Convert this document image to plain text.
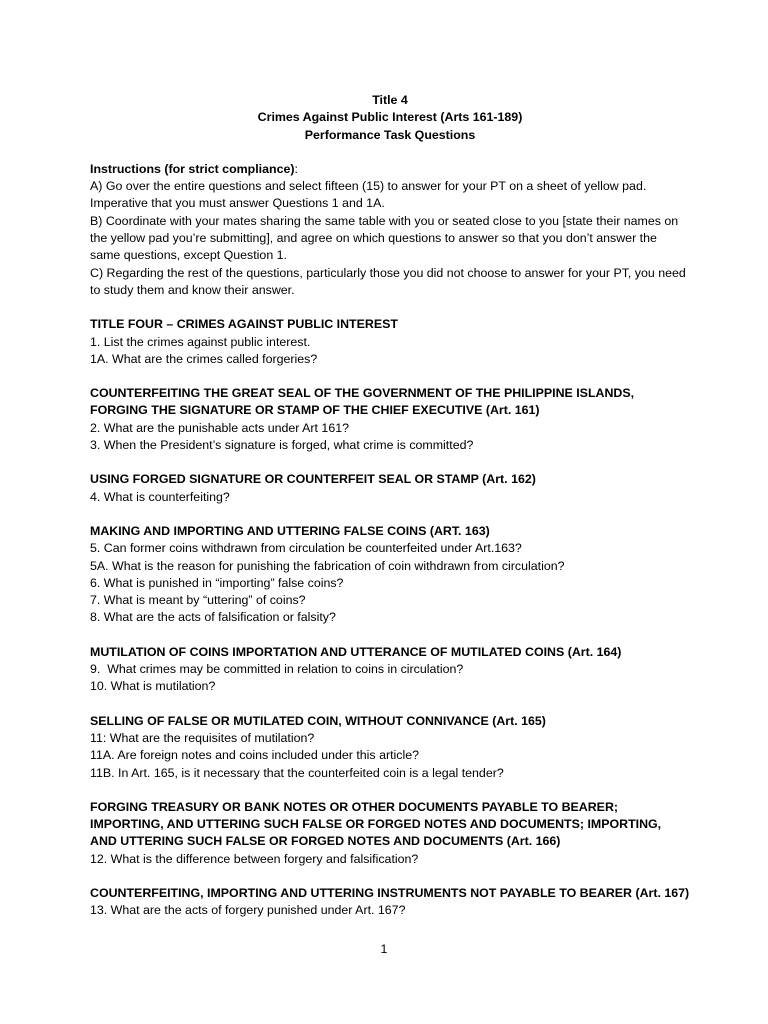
Title 4
Crimes Against Public Interest (Arts 161-189)
Performance Task Questions
Instructions (for strict compliance):
A) Go over the entire questions and select fifteen (15) to answer for your PT on a sheet of yellow pad. Imperative that you must answer Questions 1 and 1A.
B) Coordinate with your mates sharing the same table with you or seated close to you [state their names on the yellow pad you’re submitting], and agree on which questions to answer so that you don’t answer the same questions, except Question 1.
C) Regarding the rest of the questions, particularly those you did not choose to answer for your PT, you need to study them and know their answer.
TITLE FOUR – CRIMES AGAINST PUBLIC INTEREST
1. List the crimes against public interest.
1A. What are the crimes called forgeries?
COUNTERFEITING THE GREAT SEAL OF THE GOVERNMENT OF THE PHILIPPINE ISLANDS, FORGING THE SIGNATURE OR STAMP OF THE CHIEF EXECUTIVE (Art. 161)
2. What are the punishable acts under Art 161?
3. When the President’s signature is forged, what crime is committed?
USING FORGED SIGNATURE OR COUNTERFEIT SEAL OR STAMP (Art. 162)
4. What is counterfeiting?
MAKING AND IMPORTING AND UTTERING FALSE COINS (ART. 163)
5. Can former coins withdrawn from circulation be counterfeited under Art.163?
5A. What is the reason for punishing the fabrication of coin withdrawn from circulation?
6. What is punished in “importing” false coins?
7. What is meant by “uttering” of coins?
8. What are the acts of falsification or falsity?
MUTILATION OF COINS IMPORTATION AND UTTERANCE OF MUTILATED COINS (Art. 164)
9.  What crimes may be committed in relation to coins in circulation?
10. What is mutilation?
SELLING OF FALSE OR MUTILATED COIN, WITHOUT CONNIVANCE (Art. 165)
11: What are the requisites of mutilation?
11A. Are foreign notes and coins included under this article?
11B. In Art. 165, is it necessary that the counterfeited coin is a legal tender?
FORGING TREASURY OR BANK NOTES OR OTHER DOCUMENTS PAYABLE TO BEARER; IMPORTING, AND UTTERING SUCH FALSE OR FORGED NOTES AND DOCUMENTS; IMPORTING, AND UTTERING SUCH FALSE OR FORGED NOTES AND DOCUMENTS (Art. 166)
12. What is the difference between forgery and falsification?
COUNTERFEITING, IMPORTING AND UTTERING INSTRUMENTS NOT PAYABLE TO BEARER (Art. 167)
13. What are the acts of forgery punished under Art. 167?
1
